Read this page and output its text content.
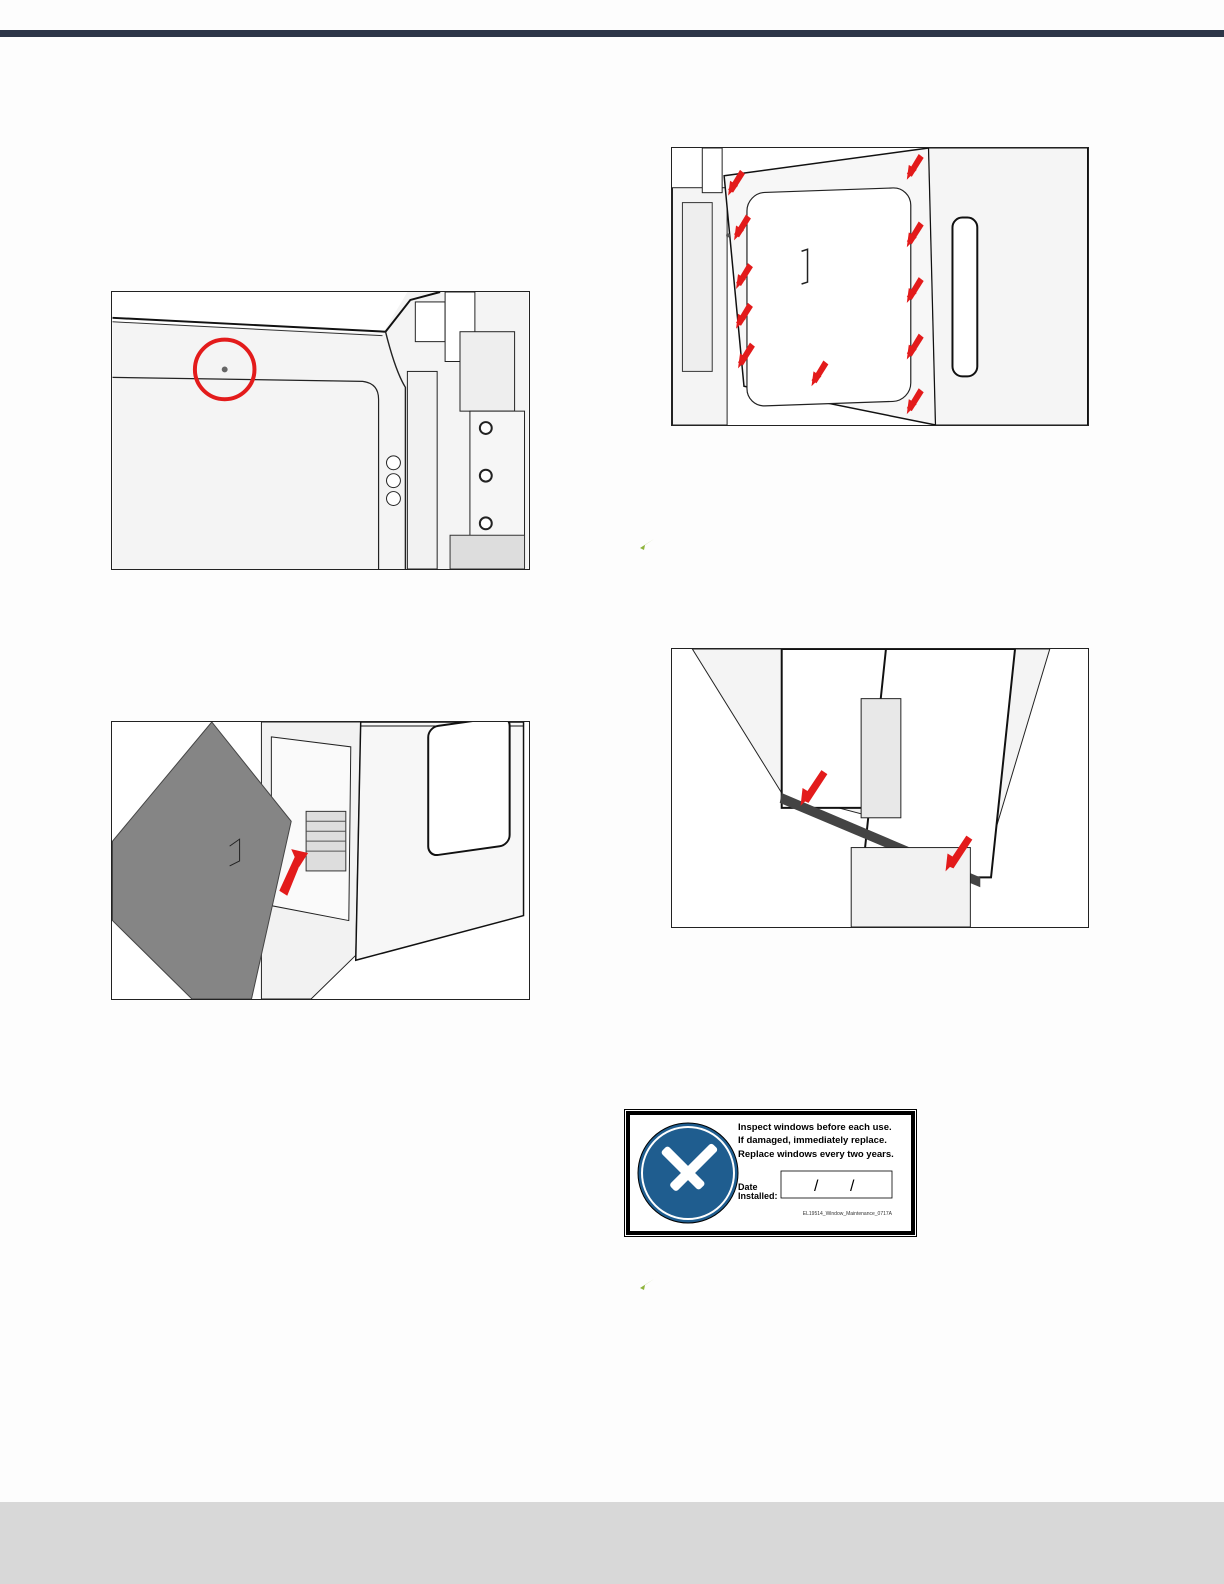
Inspect windows before each use.
If damaged, immediately replace.
Replace windows every two years.
Date
Installed:
/ /
EL19514_Window_Maintenance_0717A
